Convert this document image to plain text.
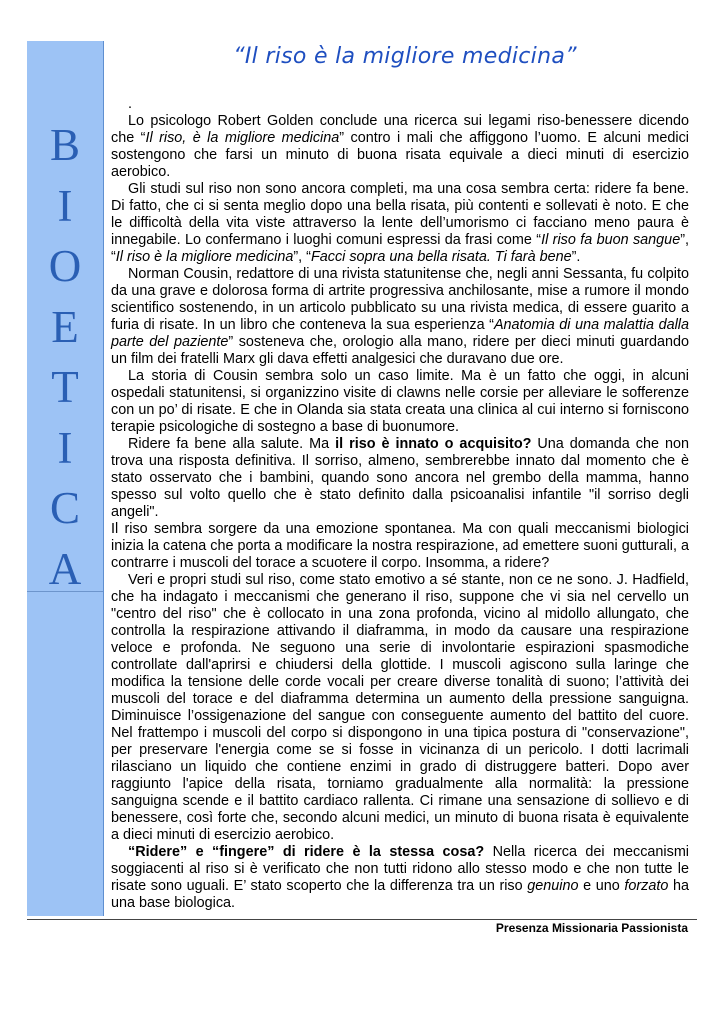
B
I
O
E
T
I
C
A
“Il riso è la migliore medicina”

.

Lo psicologo Robert Golden conclude una ricerca sui legami riso-benessere dicendo che “Il riso, è la migliore medicina” contro i mali che affiggono l’uomo. E alcuni medici sostengono che farsi un minuto di buona risata equivale a dieci minuti di esercizio aerobico.

Gli studi sul riso non sono ancora completi, ma una cosa sembra certa: ridere fa bene. Di fatto, che ci si senta meglio dopo una bella risata, più contenti e sollevati è noto. E che le difficoltà della vita viste attraverso la lente dell’umorismo ci facciano meno paura è innegabile. Lo confermano i luoghi comuni espressi da frasi come “Il riso fa buon sangue”, “Il riso è la migliore medicina”, “Facci sopra una bella risata. Ti farà bene”.

Norman Cousin, redattore di una rivista statunitense che, negli anni Sessanta, fu colpito da una grave e dolorosa forma di artrite progressiva anchilosante, mise a rumore il mondo scientifico sostenendo, in un articolo pubblicato su una rivista medica, di essere guarito a furia di risate. In un libro che conteneva la sua esperienza “Anatomia di una malattia dalla parte del paziente” sosteneva che, orologio alla mano, ridere per dieci minuti guardando un film dei fratelli Marx gli dava effetti analgesici che duravano due ore.

La storia di Cousin sembra solo un caso limite. Ma è un fatto che oggi, in alcuni ospedali statunitensi, si organizzino visite di clawns nelle corsie per alleviare le sofferenze con un po’ di risate. E che in Olanda sia stata creata una clinica al cui interno si forniscono terapie psicologiche di sostegno a base di buonumore.

Ridere fa bene alla salute. Ma il riso è innato o acquisito? Una domanda che non trova una risposta definitiva. Il sorriso, almeno, sembrerebbe innato dal momento che è stato osservato che i bambini, quando sono ancora nel grembo della mamma, hanno spesso sul volto quello che è stato definito dalla psicoanalisi infantile "il sorriso degli angeli".

Il riso sembra sorgere da una emozione spontanea. Ma con quali meccanismi biologici inizia la catena che porta a modificare la nostra respirazione, ad emettere suoni gutturali, a contrarre i muscoli del torace a scuotere il corpo. Insomma, a ridere?

Veri e propri studi sul riso, come stato emotivo a sé stante, non ce ne sono. J. Hadfield, che ha indagato i meccanismi che generano il riso, suppone che vi sia nel cervello un "centro del riso" che è collocato in una zona profonda, vicino al midollo allungato, che controlla la respirazione attivando il diaframma, in modo da causare una respirazione veloce e profonda. Ne seguono una serie di involontarie espirazioni spasmodiche controllate dall'aprirsi e chiudersi della glottide. I muscoli agiscono sulla laringe che modifica la tensione delle corde vocali per creare diverse tonalità di suono; l’attività dei muscoli del torace e del diaframma determina un aumento della pressione sanguigna. Diminuisce l’ossigenazione del sangue con conseguente aumento del battito del cuore. Nel frattempo i muscoli del corpo si dispongono in una tipica postura di "conservazione", per preservare l'energia come se si fosse in vicinanza di un pericolo. I dotti lacrimali rilasciano un liquido che contiene enzimi in grado di distruggere batteri. Dopo aver raggiunto l'apice della risata, torniamo gradualmente alla normalità: la pressione sanguigna scende e il battito cardiaco rallenta. Ci rimane una sensazione di sollievo e di benessere, così forte che, secondo alcuni medici, un minuto di buona risata è equivalente a dieci minuti di esercizio aerobico.

“Ridere” e “fingere” di ridere è la stessa cosa? Nella ricerca dei meccanismi soggiacenti al riso si è verificato che non tutti ridono allo stesso modo e che non tutte le risate sono uguali. E’ stato scoperto che la differenza tra un riso genuino e uno forzato ha una base biologica.

Presenza Missionaria Passionista
